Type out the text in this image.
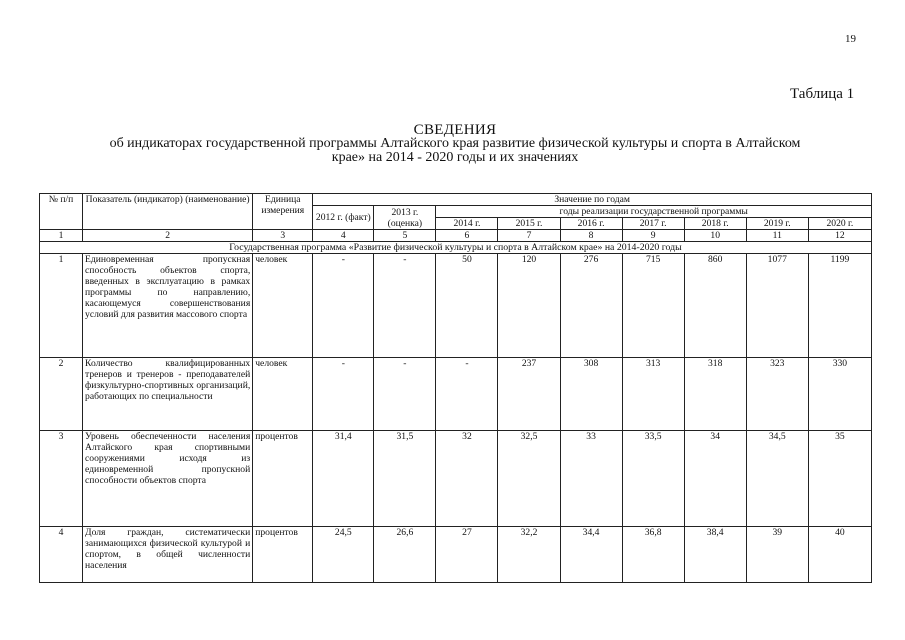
19
Таблица 1
СВЕДЕНИЯ
об индикаторах государственной программы Алтайского края развитие физической культуры и спорта в Алтайском
крае» на 2014 - 2020 годы и их значениях
№ п/п	Показатель (индикатор) (наименование)	Единица измерения	Значение по годам								
			2012 г. (факт)	2013 г. (оценка)	годы реализации государственной программы						
					2014 г.	2015 г.	2016 г.	2017 г.	2018 г.	2019 г.	2020 г.
1	2	3	4	5	6	7	8	9	10	11	12
Государственная программа «Развитие физической культуры и спорта в Алтайском крае» на 2014-2020 годы											
1	Единовременная пропускная способность объектов спорта, введенных в эксплуатацию в рамках программы по направлению, касающемуся совершенствования условий для развития массового спорта	человек	-	-	50	120	276	715	860	1077	1199
2	Количество квалифицированных тренеров и тренеров - преподавателей физкультурно-спортивных организаций, работающих по специальности	человек	-	-	-	237	308	313	318	323	330
3	Уровень обеспеченности населения Алтайского края спортивными сооружениями исходя из единовременной пропускной способности объектов спорта	процентов	31,4	31,5	32	32,5	33	33,5	34	34,5	35
4	Доля граждан, систематически занимающихся физической культурой и спортом, в общей численности населения	процентов	24,5	26,6	27	32,2	34,4	36,8	38,4	39	40
